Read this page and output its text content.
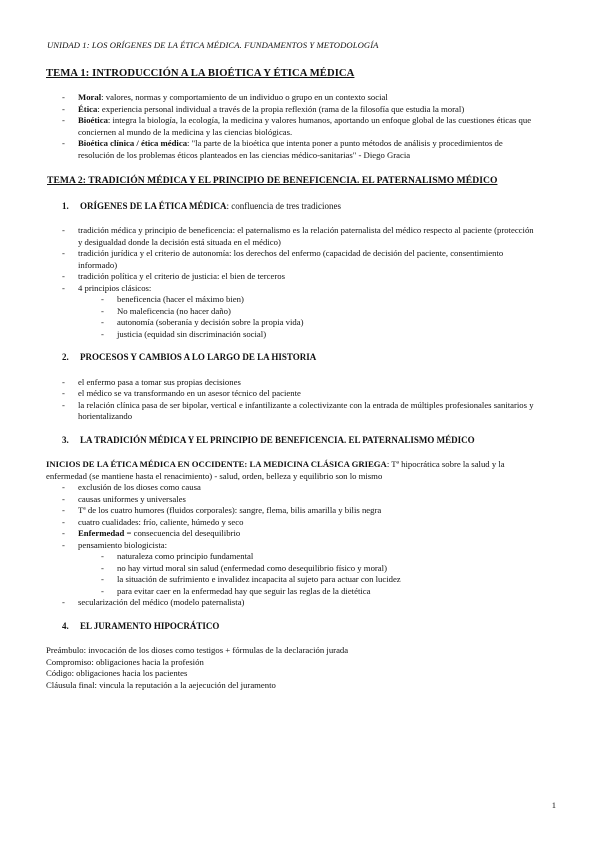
UNIDAD 1: LOS ORÍGENES DE LA ÉTICA MÉDICA. FUNDAMENTOS Y METODOLOGÍA
TEMA 1: INTRODUCCIÓN A LA BIOÉTICA Y ÉTICA MÉDICA
- Moral: valores, normas y comportamiento de un individuo o grupo en un contexto social
- Ética: experiencia personal individual a través de la propia reflexión (rama de la filosofía que estudia la moral)
- Bioética: integra la biología, la ecología, la medicina y valores humanos, aportando un enfoque global de las cuestiones éticas que conciernen al mundo de la medicina y las ciencias biológicas.
- Bioética clínica / ética médica: "la parte de la bioética que intenta poner a punto métodos de análisis y procedimientos de resolución de los problemas éticos planteados en las ciencias médico-sanitarias" - Diego Gracia
TEMA 2: TRADICIÓN MÉDICA Y EL PRINCIPIO DE BENEFICENCIA. EL PATERNALISMO MÉDICO
1.	ORÍGENES DE LA ÉTICA MÉDICA: confluencia de tres tradiciones
- tradición médica y principio de beneficencia: el paternalismo es la relación paternalista del médico respecto al paciente (protección y desigualdad donde la decisión está situada en el médico)
- tradición jurídica y el criterio de autonomía: los derechos del enfermo (capacidad de decisión del paciente, consentimiento informado)
- tradición política y el criterio de justicia: el bien de terceros
- 4 principios clásicos:
- beneficencia (hacer el máximo bien)
- No maleficencia (no hacer daño)
- autonomía (soberanía y decisión sobre la propia vida)
- justicia (equidad sin discriminación social)
2.	PROCESOS Y CAMBIOS A LO LARGO DE LA HISTORIA
- el enfermo pasa a tomar sus propias decisiones
- el médico se va transformando en un asesor técnico del paciente
- la relación clínica pasa de ser bipolar, vertical e infantilizante a colectivizante con la entrada de múltiples profesionales sanitarios y horientalizando
3.	LA TRADICIÓN MÉDICA Y EL PRINCIPIO DE BENEFICENCIA. EL PATERNALISMO MÉDICO
INICIOS DE LA ÉTICA MÉDICA EN OCCIDENTE: LA MEDICINA CLÁSICA GRIEGA: Tª hipocrática sobre la salud y la enfermedad (se mantiene hasta el renacimiento) - salud, orden, belleza y equilibrio son lo mismo
- exclusión de los dioses como causa
- causas uniformes y universales
- Tª de los cuatro humores (fluidos corporales): sangre, flema, bilis amarilla y bilis negra
- cuatro cualidades: frío, caliente, húmedo y seco
- Enfermedad = consecuencia del desequilibrio
- pensamiento biologicista:
- naturaleza como principio fundamental
- no hay virtud moral sin salud (enfermedad como desequilibrio físico y moral)
- la situación de sufrimiento e invalidez incapacita al sujeto para actuar con lucidez
- para evitar caer en la enfermedad hay que seguir las reglas de la dietética
- secularización del médico (modelo paternalista)
4.	EL JURAMENTO HIPOCRÁTICO
Preámbulo: invocación de los dioses como testigos + fórmulas de la declaración jurada
Compromiso: obligaciones hacia la profesión
Código: obligaciones hacia los pacientes
Cláusula final: vincula la reputación a la aejecución del juramento
1
